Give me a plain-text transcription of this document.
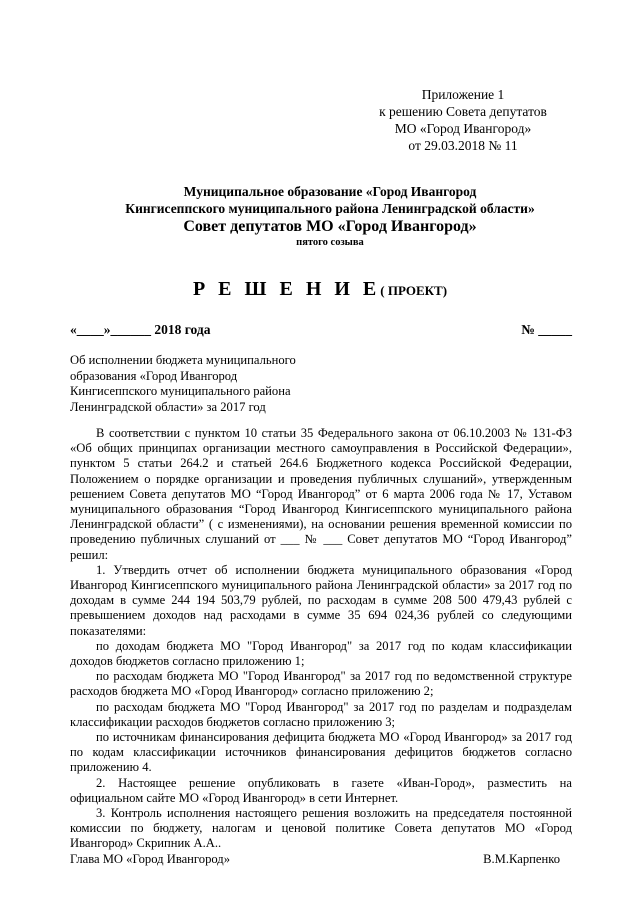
Приложение 1
к решению Совета депутатов
МО «Город Ивангород»
от 29.03.2018 № 11
Муниципальное образование «Город Ивангород
Кингисеппского муниципального района Ленинградской области»
Совет депутатов МО «Город Ивангород»
пятого созыва
Р Е Ш Е Н И Е( ПРОЕКТ)
«____»______ 2018 года	№ _____
Об исполнении бюджета муниципального
образования «Город Ивангород
Кингисеппского муниципального района
Ленинградской области» за 2017 год

В соответствии с пунктом 10 статьи 35 Федерального закона от 06.10.2003 № 131-ФЗ «Об общих принципах организации местного самоуправления в Российской Федерации», пунктом 5 статьи 264.2 и статьей 264.6 Бюджетного кодекса Российской Федерации, Положением о порядке организации и проведения публичных слушаний», утвержденным решением Совета депутатов МО “Город Ивангород” от 6 марта 2006 года № 17, Уставом муниципального образования “Город Ивангород Кингисеппского муниципального района Ленинградской области” ( с изменениями), на основании решения временной комиссии по проведению публичных слушаний от ___ № ___ Совет депутатов МО “Город Ивангород” решил:

1. Утвердить отчет об исполнении бюджета муниципального образования «Город Ивангород Кингисеппского муниципального района Ленинградской области» за 2017 год по доходам в сумме 244 194 503,79 рублей, по расходам в сумме 208 500 479,43 рублей с превышением доходов над расходами в сумме 35 694 024,36 рублей со следующими показателями:

по доходам бюджета МО "Город Ивангород" за 2017 год по кодам классификации доходов бюджетов согласно приложению 1;

по расходам бюджета МО "Город Ивангород" за 2017 год по ведомственной структуре расходов бюджета МО «Город Ивангород» согласно приложению 2;

по расходам бюджета МО "Город Ивангород" за 2017 год по разделам и подразделам классификации расходов бюджетов согласно приложению 3;

по источникам финансирования дефицита бюджета МО «Город Ивангород» за 2017 год по кодам классификации источников финансирования дефицитов бюджетов согласно приложению 4.

2. Настоящее решение опубликовать в газете «Иван-Город», разместить на официальном сайте МО «Город Ивангород» в сети Интернет.

3. Контроль исполнения настоящего решения возложить на председателя постоянной комиссии по бюджету, налогам и ценовой политике Совета депутатов МО «Город Ивангород» Скрипник А.А..

Глава МО «Город Ивангород»	В.М.Карпенко
